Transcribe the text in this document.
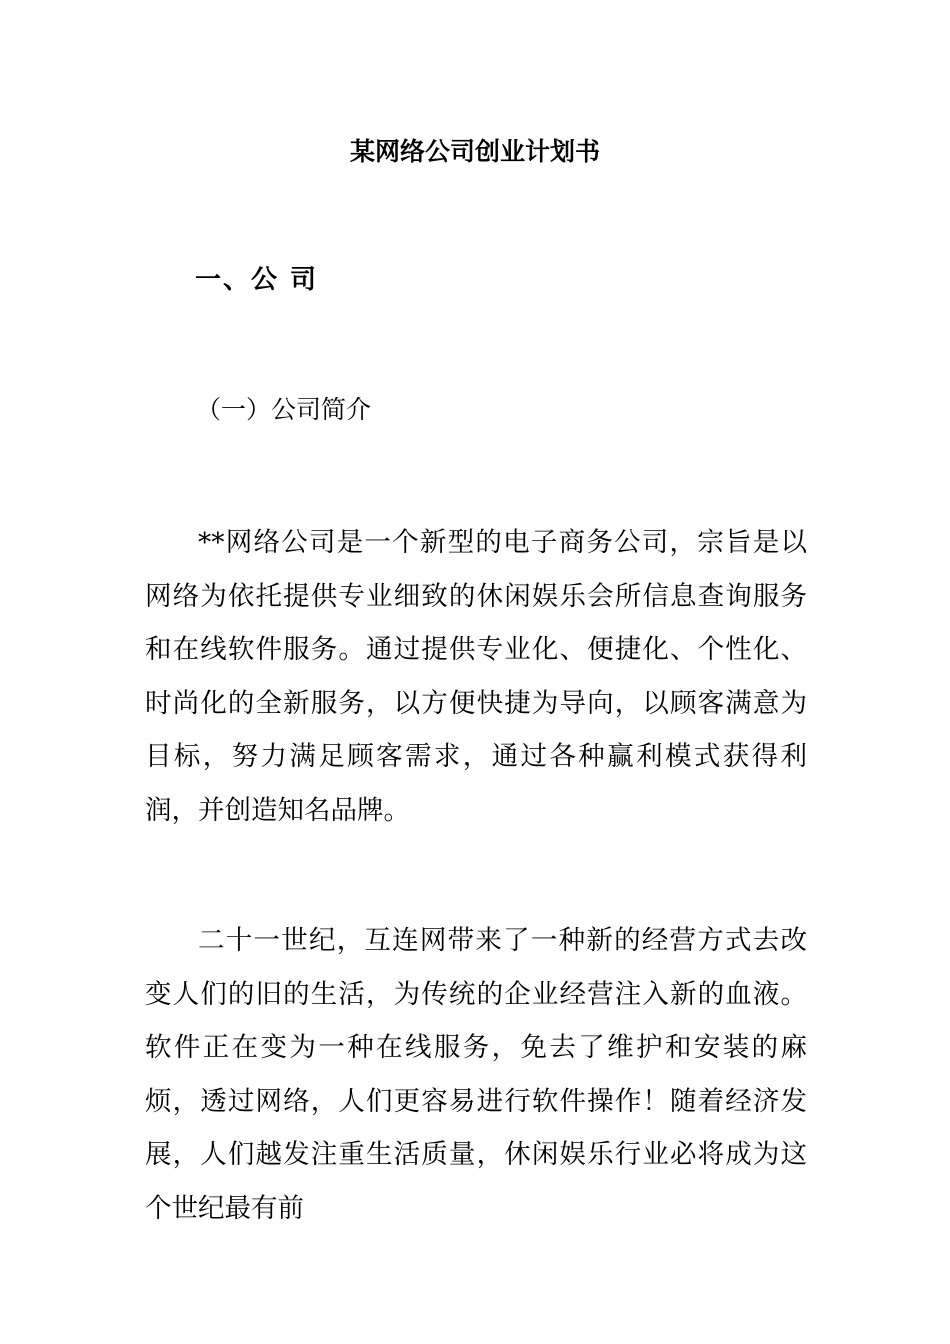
某网络公司创业计划书
一、公 司
（一）公司简介

**网络公司是一个新型的电子商务公司，宗旨是以网络为依托提供专业细致的休闲娱乐会所信息查询服务和在线软件服务。通过提供专业化、便捷化、个性化、时尚化的全新服务，以方便快捷为导向，以顾客满意为目标，努力满足顾客需求，通过各种赢利模式获得利润，并创造知名品牌。

二十一世纪，互连网带来了一种新的经营方式去改变人们的旧的生活，为传统的企业经营注入新的血液。软件正在变为一种在线服务，免去了维护和安装的麻烦，透过网络，人们更容易进行软件操作！随着经济发展，人们越发注重生活质量，休闲娱乐行业必将成为这个世纪最有前
